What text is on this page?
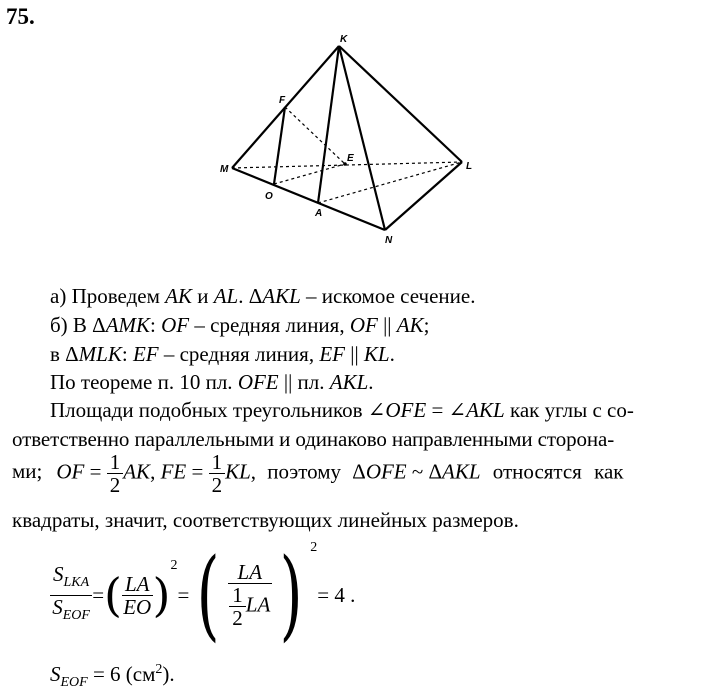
75.
K
F
E
M	L
O
A
N
а) Проведем AK и AL. ΔAKL – искомое сечение.
б) В ΔAMK: OF – средняя линия, OF || AK;
в ΔMLK: EF – средняя линия, EF || KL.
По теореме п. 10 пл. OFE || пл. AKL.
Площади подобных треугольников ∠OFE = ∠AKL как углы с со-
ответственно параллельными и одинаково направленными сторона-
ми; OF = $\frac{1}{2}$ AK, FE = $\frac{1}{2}$ KL, поэтому ΔOFE ~ ΔAKL относятся как
квадраты, значит, соответствующих линейных размеров.
$\frac{S_{LKA}}{S_{EOF}}$ = ( $\frac{LA}{EO}$ )
$^2$
= ( $\frac{LA}{\frac{1}{2} LA}$ ) $^2$
= 4 .
$S_{EOF} = 6$ $(см^2)$.
